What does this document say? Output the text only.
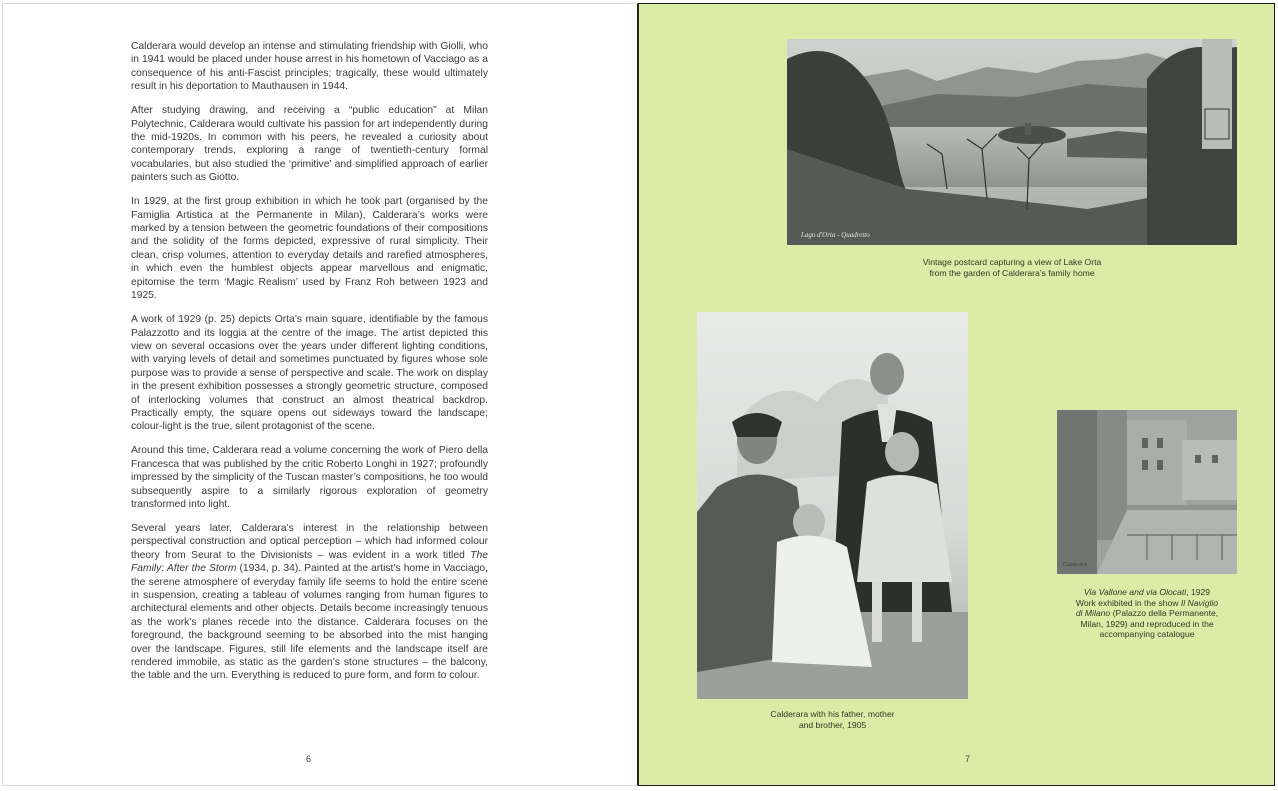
Calderara would develop an intense and stimulating friendship with Giolli, who in 1941 would be placed under house arrest in his hometown of Vacciago as a consequence of his anti-Fascist principles; tragically, these would ultimately result in his deportation to Mauthausen in 1944.

After studying drawing, and receiving a “public education” at Milan Polytechnic, Calderara would cultivate his passion for art independently during the mid-1920s. In common with his peers, he revealed a curiosity about contemporary trends, exploring a range of twentieth-century formal vocabularies, but also studied the ‘primitive’ and simplified approach of earlier painters such as Giotto.

In 1929, at the first group exhibition in which he took part (organised by the Famiglia Artistica at the Permanente in Milan), Calderara’s works were marked by a tension between the geometric foundations of their compositions and the solidity of the forms depicted, expressive of rural simplicity. Their clean, crisp volumes, attention to everyday details and rarefied atmospheres, in which even the humblest objects appear marvellous and enigmatic, epitomise the term ‘Magic Realism’ used by Franz Roh between 1923 and 1925.

A work of 1929 (p. 25) depicts Orta’s main square, identifiable by the famous Palazzotto and its loggia at the centre of the image. The artist depicted this view on several occasions over the years under different lighting conditions, with varying levels of detail and sometimes punctuated by figures whose sole purpose was to provide a sense of perspective and scale. The work on display in the present exhibition possesses a strongly geometric structure, composed of interlocking volumes that construct an almost theatrical backdrop. Practically empty, the square opens out sideways toward the landscape; colour-light is the true, silent protagonist of the scene.

Around this time, Calderara read a volume concerning the work of Piero della Francesca that was published by the critic Roberto Longhi in 1927; profoundly impressed by the simplicity of the Tuscan master’s compositions, he too would subsequently aspire to a similarly rigorous exploration of geometry transformed into light.

Several years later, Calderara’s interest in the relationship between perspectival construction and optical perception – which had informed colour theory from Seurat to the Divisionists – was evident in a work titled The Family: After the Storm (1934, p. 34). Painted at the artist’s home in Vacciago, the serene atmosphere of everyday family life seems to hold the entire scene in suspension, creating a tableau of volumes ranging from human figures to architectural elements and other objects. Details become increasingly tenuous as the work’s planes recede into the distance. Calderara focuses on the foreground, the background seeming to be absorbed into the mist hanging over the landscape. Figures, still life elements and the landscape itself are rendered immobile, as static as the garden’s stone structures – the balcony, the table and the urn. Everything is reduced to pure form, and form to colour.

6
Lago d'Orta - Quadretto
Vintage postcard capturing a view of Lake Orta
from the garden of Calderara’s family home
Calderara with his father, mother
and brother, 1905
Calderara
Via Vallone and via Olocati, 1929
Work exhibited in the show Il Naviglio
di Milano (Palazzo della Permanente,
Milan, 1929) and reproduced in the
accompanying catalogue
7
